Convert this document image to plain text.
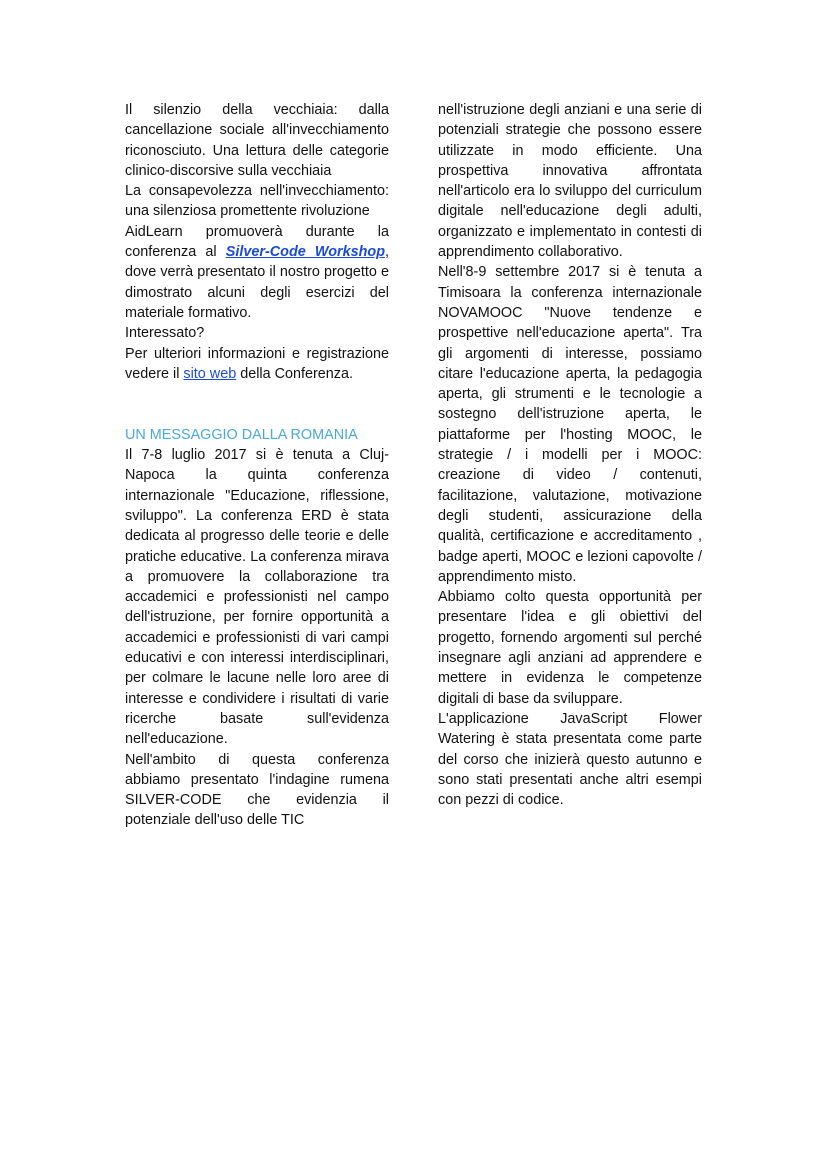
Il silenzio della vecchiaia: dalla cancellazione sociale all'invecchiamento riconosciuto. Una lettura delle categorie clinico-discorsive sulla vecchiaia

La consapevolezza nell'invecchiamento: una silenziosa promettente rivoluzione

AidLearn promuoverà durante la conferenza al Silver-Code Workshop, dove verrà presentato il nostro progetto e dimostrato alcuni degli esercizi del materiale formativo.

Interessato?

Per ulteriori informazioni e registrazione vedere il sito web della Conferenza.

UN MESSAGGIO DALLA ROMANIA

Il 7-8 luglio 2017 si è tenuta a Cluj-Napoca la quinta conferenza internazionale "Educazione, riflessione, sviluppo". La conferenza ERD è stata dedicata al progresso delle teorie e delle pratiche educative. La conferenza mirava a promuovere la collaborazione tra accademici e professionisti nel campo dell'istruzione, per fornire opportunità a accademici e professionisti di vari campi educativi e con interessi interdisciplinari, per colmare le lacune nelle loro aree di interesse e condividere i risultati di varie ricerche basate sull'evidenza nell'educazione.

Nell'ambito di questa conferenza abbiamo presentato l'indagine rumena SILVER-CODE che evidenzia il potenziale dell'uso delle TIC

nell'istruzione degli anziani e una serie di potenziali strategie che possono essere utilizzate in modo efficiente. Una prospettiva innovativa affrontata nell'articolo era lo sviluppo del curriculum digitale nell'educazione degli adulti, organizzato e implementato in contesti di apprendimento collaborativo.

Nell'8-9 settembre 2017 si è tenuta a Timisoara la conferenza internazionale NOVAMOOC "Nuove tendenze e prospettive nell'educazione aperta". Tra gli argomenti di interesse, possiamo citare l'educazione aperta, la pedagogia aperta, gli strumenti e le tecnologie a sostegno dell'istruzione aperta, le piattaforme per l'hosting MOOC, le strategie / i modelli per i MOOC: creazione di video / contenuti, facilitazione, valutazione, motivazione degli studenti, assicurazione della qualità, certificazione e accreditamento , badge aperti, MOOC e lezioni capovolte / apprendimento misto.

Abbiamo colto questa opportunità per presentare l'idea e gli obiettivi del progetto, fornendo argomenti sul perché insegnare agli anziani ad apprendere e mettere in evidenza le competenze digitali di base da sviluppare.

L'applicazione JavaScript Flower Watering è stata presentata come parte del corso che inizierà questo autunno e sono stati presentati anche altri esempi con pezzi di codice.
